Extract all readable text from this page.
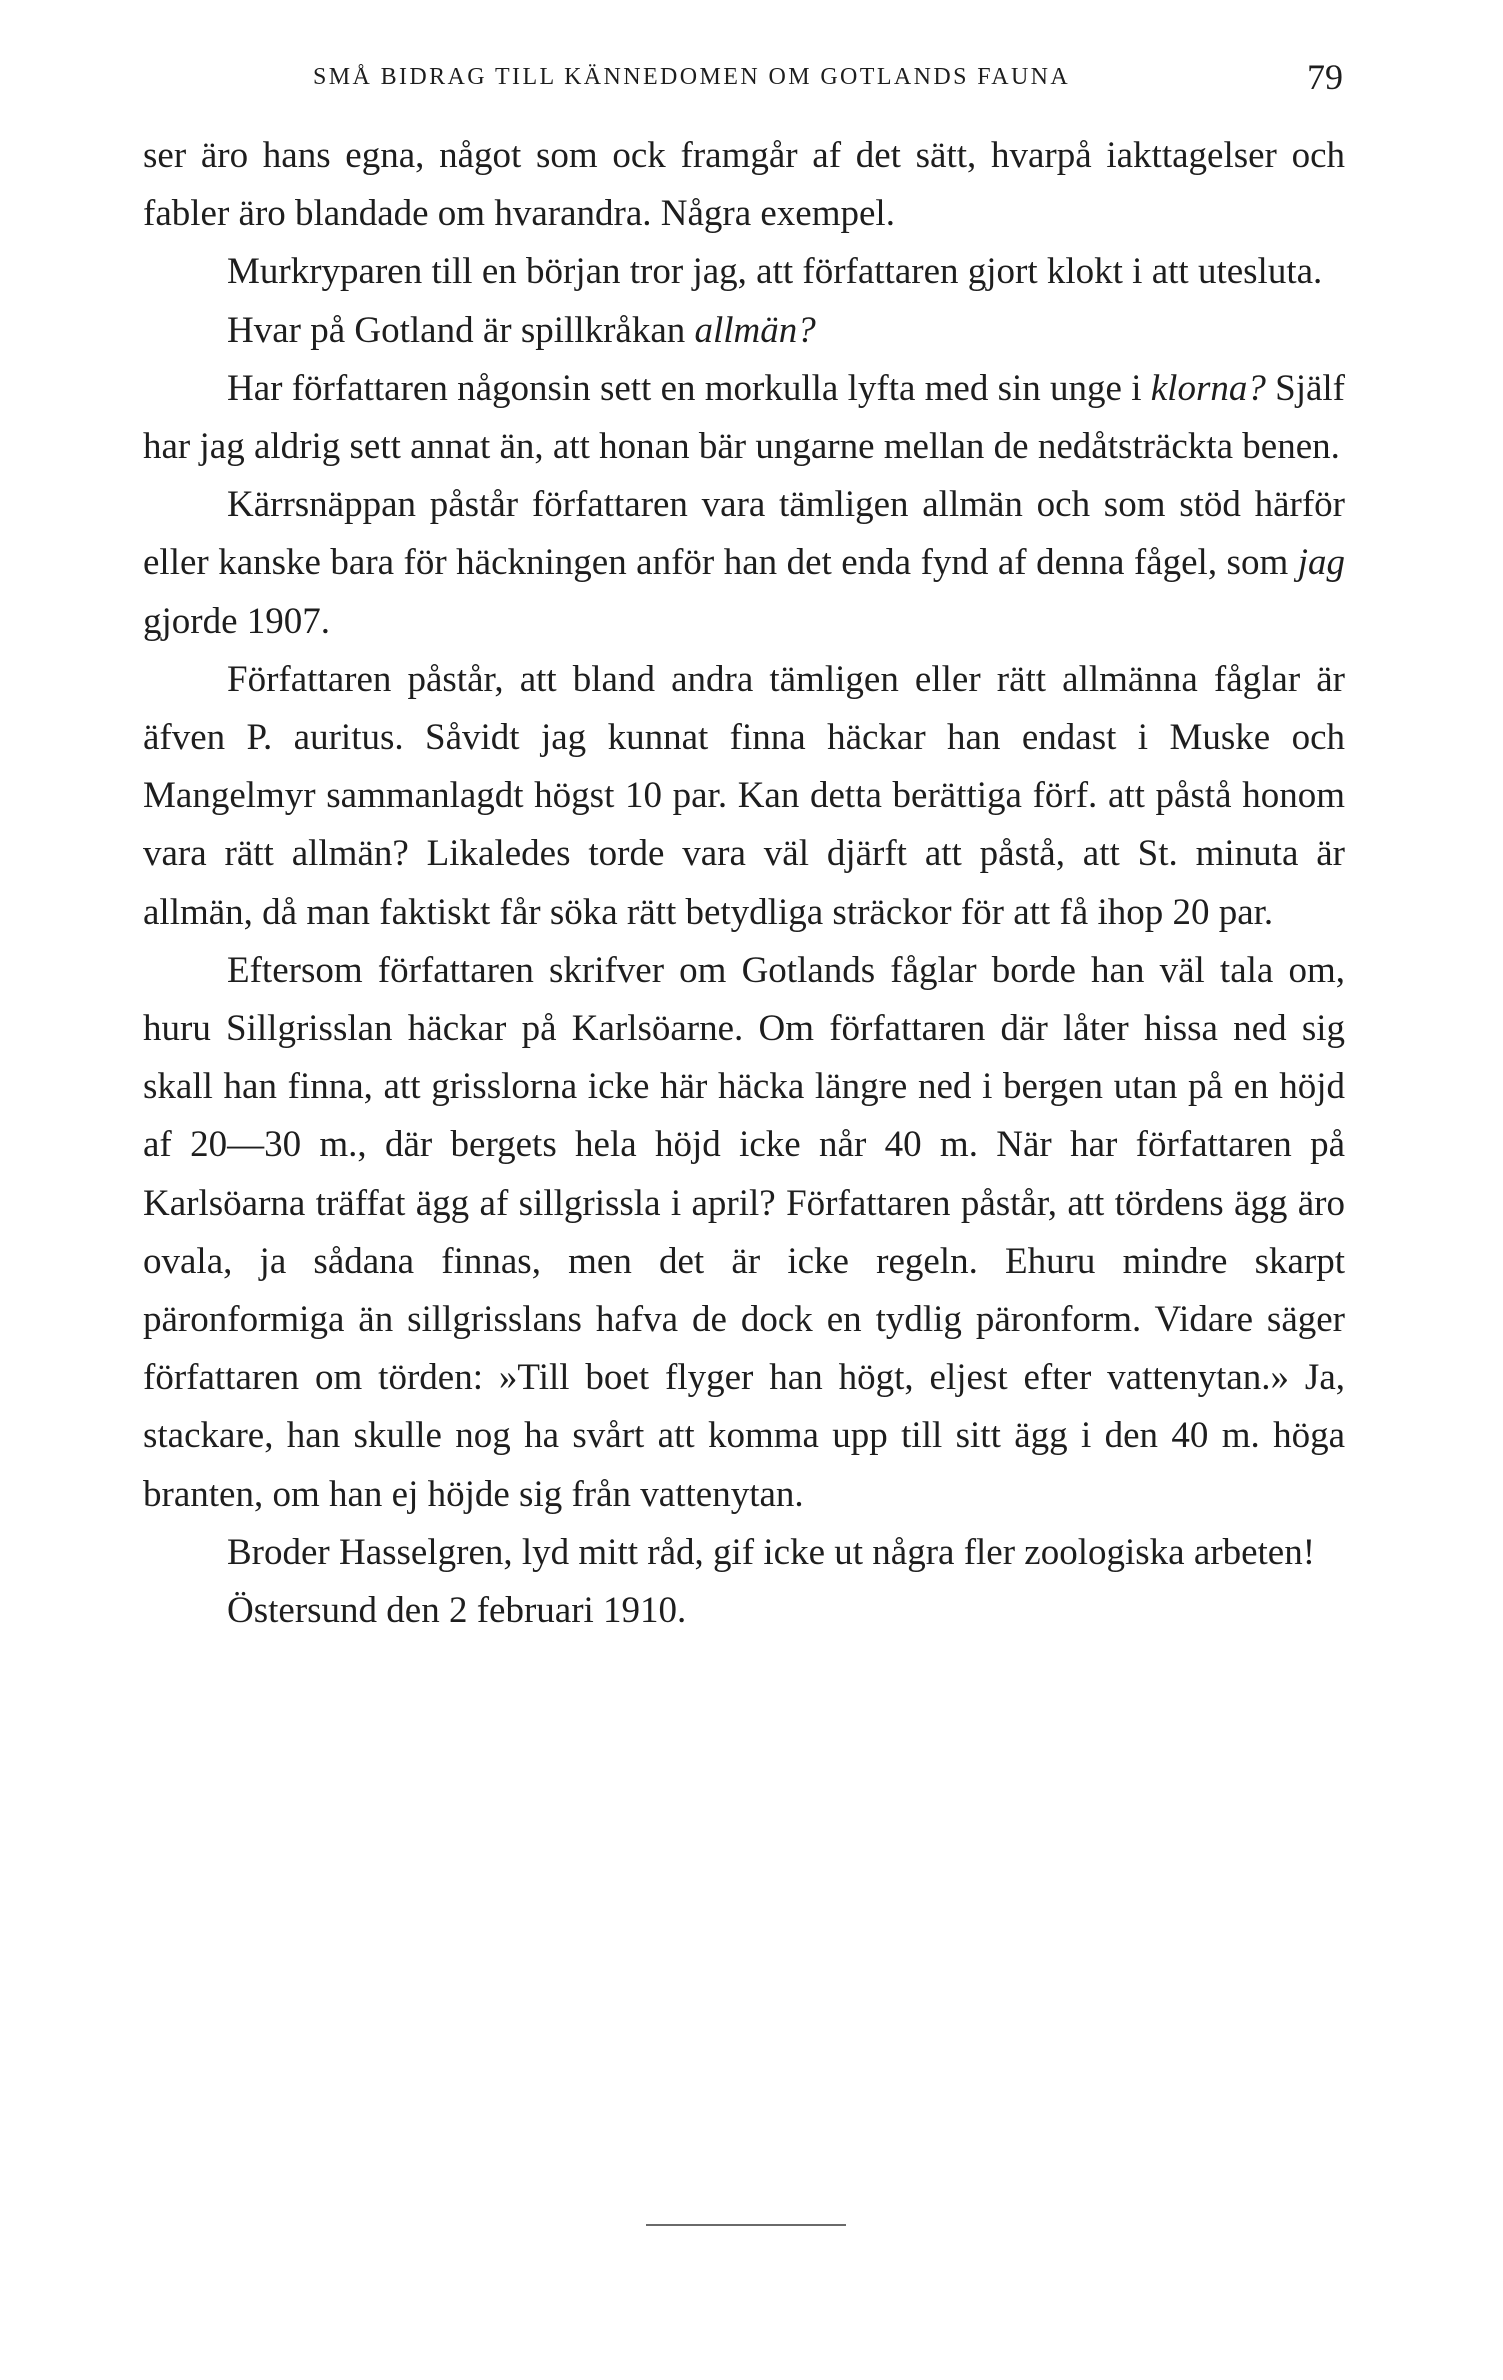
SMÅ BIDRAG TILL KÄNNEDOMEN OM GOTLANDS FAUNA	79

ser äro hans egna, något som ock framgår af det sätt, hvarpå iakttagelser och fabler äro blandade om hvarandra. Några exempel.

Murkryparen till en början tror jag, att författaren gjort klokt i att utesluta.

Hvar på Gotland är spillkråkan allmän?

Har författaren någonsin sett en morkulla lyfta med sin unge i klorna? Själf har jag aldrig sett annat än, att honan bär ungarne mellan de nedåtsträckta benen.

Kärrsnäppan påstår författaren vara tämligen allmän och som stöd härför eller kanske bara för häckningen anför han det enda fynd af denna fågel, som jag gjorde 1907.

Författaren påstår, att bland andra tämligen eller rätt allmänna fåglar är äfven P. auritus. Såvidt jag kunnat finna häckar han endast i Muske och Mangelmyr sammanlagdt högst 10 par. Kan detta berättiga förf. att påstå honom vara rätt allmän? Likaledes torde vara väl djärft att påstå, att St. minuta är allmän, då man faktiskt får söka rätt betydliga sträckor för att få ihop 20 par.

Eftersom författaren skrifver om Gotlands fåglar borde han väl tala om, huru Sillgrisslan häckar på Karlsöarne. Om författaren där låter hissa ned sig skall han finna, att grisslorna icke här häcka längre ned i bergen utan på en höjd af 20—30 m., där bergets hela höjd icke når 40 m. När har författaren på Karlsöarna träffat ägg af sillgrissla i april? Författaren påstår, att tördens ägg äro ovala, ja sådana finnas, men det är icke regeln. Ehuru mindre skarpt päronformiga än sillgrisslans hafva de dock en tydlig päronform. Vidare säger författaren om törden: »Till boet flyger han högt, eljest efter vattenytan.» Ja, stackare, han skulle nog ha svårt att komma upp till sitt ägg i den 40 m. höga branten, om han ej höjde sig från vattenytan.

Broder Hasselgren, lyd mitt råd, gif icke ut några fler zoologiska arbeten!

Östersund den 2 februari 1910.
